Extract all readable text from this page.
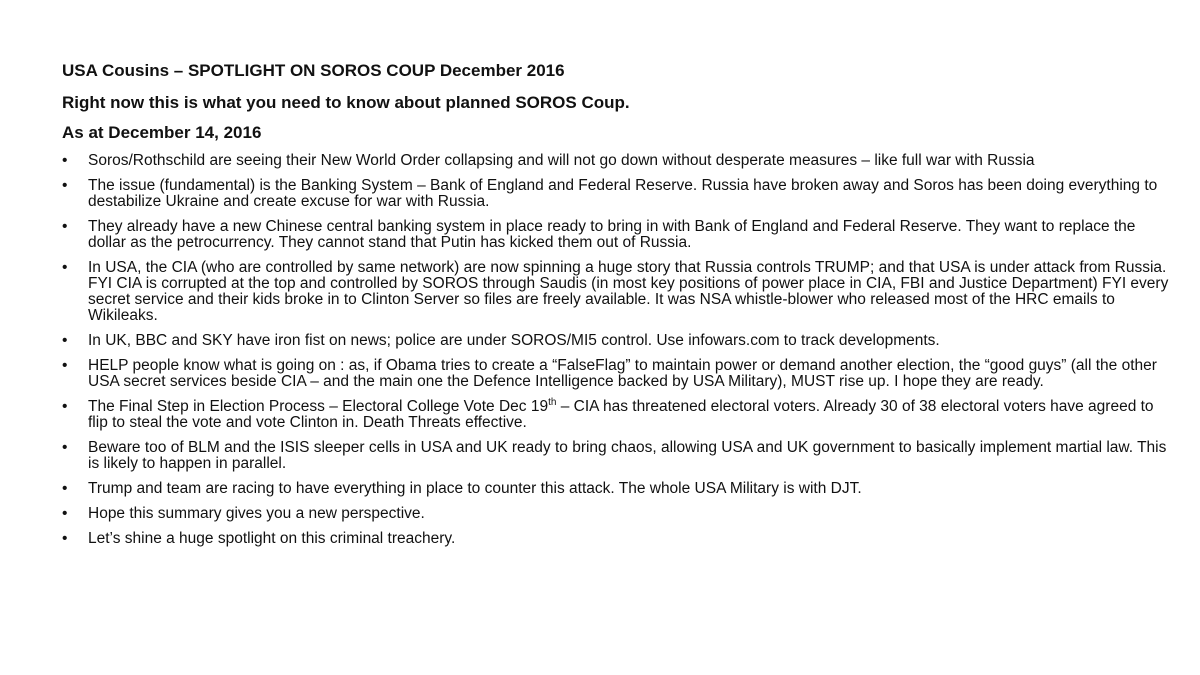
USA Cousins – SPOTLIGHT ON SOROS COUP December 2016
Right now this is what you need to know about planned SOROS Coup.
As at December 14, 2016
• Soros/Rothschild are seeing their New World Order collapsing and will not go down without desperate measures – like full war with Russia
• The issue (fundamental) is the Banking System – Bank of England and Federal Reserve. Russia have broken away and Soros has been doing everything to destabilize Ukraine and create excuse for war with Russia.
• They already have a new Chinese central banking system in place ready to bring in with Bank of England and Federal Reserve. They want to replace the dollar as the petrocurrency. They cannot stand that Putin has kicked them out of Russia.
• In USA, the CIA (who are controlled by same network) are now spinning a huge story that Russia controls TRUMP; and that USA is under attack from Russia. FYI CIA is corrupted at the top and controlled by SOROS through Saudis (in most key positions of power place in CIA, FBI and Justice Department) FYI every secret service and their kids broke in to Clinton Server so files are freely available. It was NSA whistle-blower who released most of the HRC emails to Wikileaks.
• In UK, BBC and SKY have iron fist on news; police are under SOROS/MI5 control. Use infowars.com to track developments.
• HELP people know what is going on : as, if Obama tries to create a “FalseFlag” to maintain power or demand another election, the “good guys” (all the other USA secret services beside CIA – and the main one the Defence Intelligence backed by USA Military), MUST rise up. I hope they are ready.
• The Final Step in Election Process – Electoral College Vote Dec 19th – CIA has threatened electoral voters. Already 30 of 38 electoral voters have agreed to flip to steal the vote and vote Clinton in. Death Threats effective.
• Beware too of BLM and the ISIS sleeper cells in USA and UK ready to bring chaos, allowing USA and UK government to basically implement martial law. This is likely to happen in parallel.
• Trump and team are racing to have everything in place to counter this attack. The whole USA Military is with DJT.
• Hope this summary gives you a new perspective.
• Let’s shine a huge spotlight on this criminal treachery.
